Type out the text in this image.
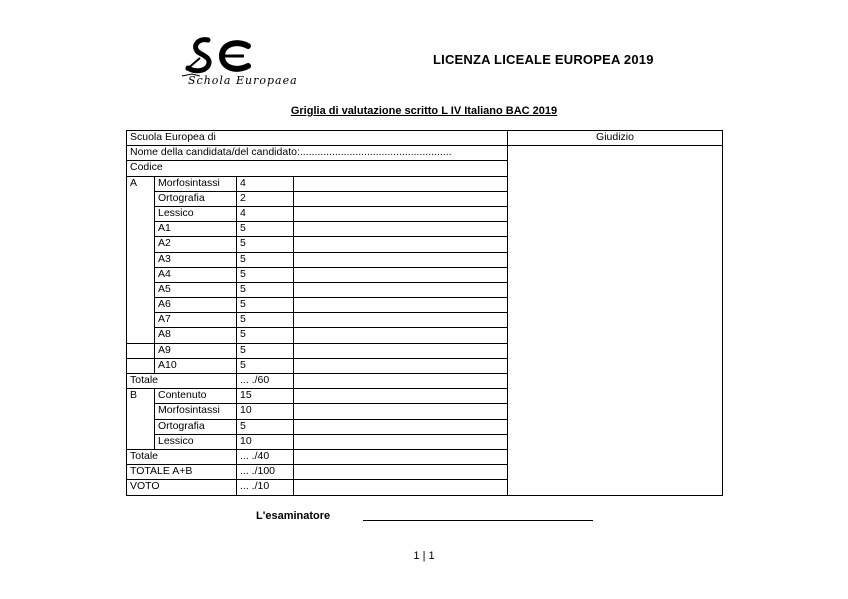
Schola Europaea
LICENZA LICEALE EUROPEA 2019
Griglia di valutazione scritto L IV Italiano BAC 2019
Scuola Europea di				Giudizio
Nome della candidata/del candidato:....................................................				
Codice				
A	Morfosintassi	4		
	Ortografia	2		
	Lessico	4		
	A1	5		
	A2	5		
	A3	5		
	A4	5		
	A5	5		
	A6	5		
	A7	5		
	A8	5		
	A9	5		
	A10	5		
Totale		... ./60		
B	Contenuto	15		
	Morfosintassi	10		
	Ortografia	5		
	Lessico	10		
Totale		... ./40		
TOTALE A+B		... ./100		
VOTO		... ./10		
L'esaminatore
1 | 1
